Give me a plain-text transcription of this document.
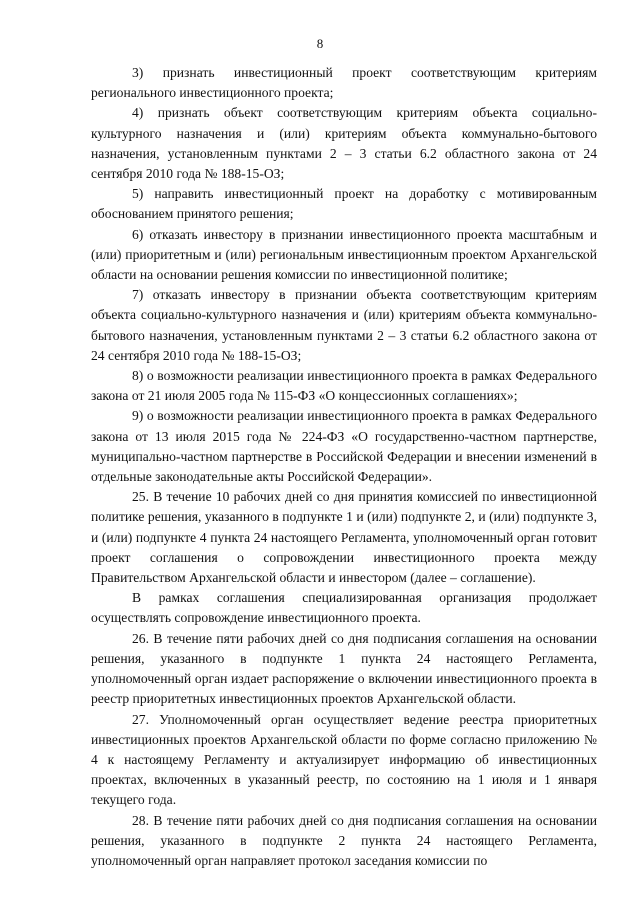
8

3) признать инвестиционный проект соответствующим критериям регионального инвестиционного проекта;

4) признать объект соответствующим критериям объекта социально-культурного назначения и (или) критериям объекта коммунально-бытового назначения, установленным пунктами 2 – 3 статьи 6.2 областного закона от 24 сентября 2010 года № 188-15-ОЗ;

5) направить инвестиционный проект на доработку с мотивированным обоснованием принятого решения;

6) отказать инвестору в признании инвестиционного проекта масштабным и (или) приоритетным и (или) региональным инвестиционным проектом Архангельской области на основании решения комиссии по инвестиционной политике;

7) отказать инвестору в признании объекта соответствующим критериям объекта социально-культурного назначения и (или) критериям объекта коммунально-бытового назначения, установленным пунктами 2 – 3 статьи 6.2 областного закона от 24 сентября 2010 года № 188-15-ОЗ;

8) о возможности реализации инвестиционного проекта в рамках Федерального закона от 21 июля 2005 года № 115-ФЗ «О концессионных соглашениях»;

9) о возможности реализации инвестиционного проекта в рамках Федерального закона от 13 июля 2015 года № 224-ФЗ «О государственно-частном партнерстве, муниципально-частном партнерстве в Российской Федерации и внесении изменений в отдельные законодательные акты Российской Федерации».

25. В течение 10 рабочих дней со дня принятия комиссией по инвестиционной политике решения, указанного в подпункте 1 и (или) подпункте 2, и (или) подпункте 3, и (или) подпункте 4 пункта 24 настоящего Регламента, уполномоченный орган готовит проект соглашения о сопровождении инвестиционного проекта между Правительством Архангельской области и инвестором (далее – соглашение).

В рамках соглашения специализированная организация продолжает осуществлять сопровождение инвестиционного проекта.

26. В течение пяти рабочих дней со дня подписания соглашения на основании решения, указанного в подпункте 1 пункта 24 настоящего Регламента, уполномоченный орган издает распоряжение о включении инвестиционного проекта в реестр приоритетных инвестиционных проектов Архангельской области.

27. Уполномоченный орган осуществляет ведение реестра приоритетных инвестиционных проектов Архангельской области по форме согласно приложению № 4 к настоящему Регламенту и актуализирует информацию об инвестиционных проектах, включенных в указанный реестр, по состоянию на 1 июля и 1 января текущего года.

28. В течение пяти рабочих дней со дня подписания соглашения на основании решения, указанного в подпункте 2 пункта 24 настоящего Регламента, уполномоченный орган направляет протокол заседания комиссии по
